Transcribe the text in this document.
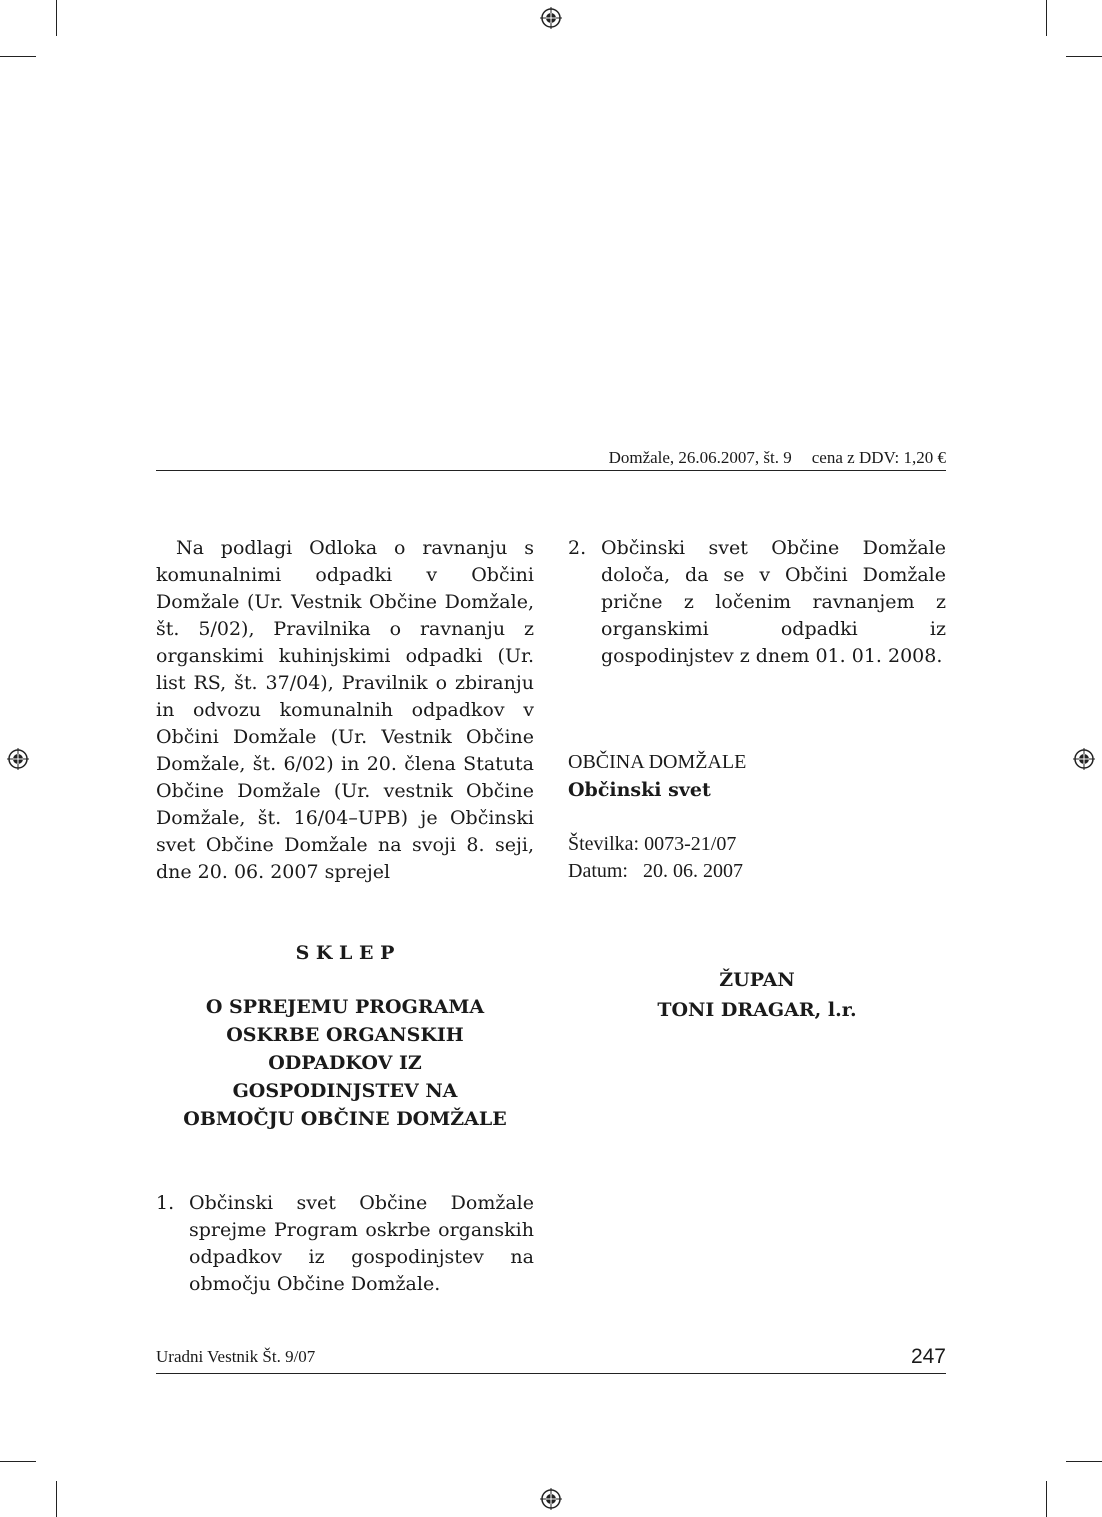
Domžale, 26.06.2007, št. 9 cena z DDV: 1,20 €
Na podlagi Odloka o ravnanju s komunalnimi odpadki v Občini Domžale (Ur. Vestnik Občine Domžale, št. 5/02), Pravilnika o ravnanju z organskimi kuhinjskimi odpadki (Ur. list RS, št. 37/04), Pravilnik o zbiranju in odvozu komunalnih odpadkov v Občini Domžale (Ur. Vestnik Občine Domžale, št. 6/02) in 20. člena Statuta Občine Domžale (Ur. vestnik Občine Domžale, št. 16/04–UPB) je Občinski svet Občine Domžale na svoji 8. seji, dne 20. 06. 2007 sprejel
S K L E P
O SPREJEMU PROGRAMA
OSKRBE ORGANSKIH
ODPADKOV IZ
GOSPODINJSTEV NA
OBMOČJU OBČINE DOMŽALE
1. Občinski svet Občine Domžale sprejme Program oskrbe organskih odpadkov iz gospodinjstev na območju Občine Domžale.
2. Občinski svet Občine Domžale določa, da se v Občini Domžale prične z ločenim ravnanjem z organskimi odpadki iz gospodinjstev z dnem 01. 01. 2008.
OBČINA DOMŽALE
Občinski svet
Številka: 0073-21/07
Datum:   20. 06. 2007
ŽUPAN
TONI DRAGAR, l.r.
Uradni Vestnik Št. 9/07	247
